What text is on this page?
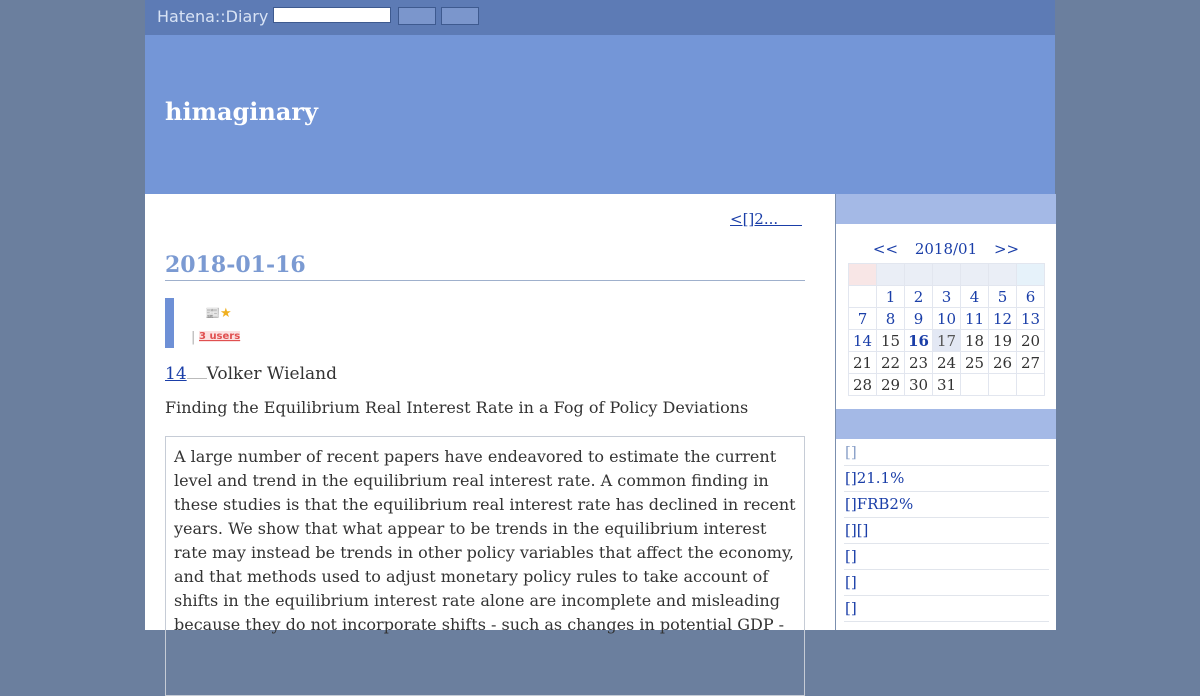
Hatena::Diary
himaginary
<[]2...
2018-01-16
📰★
| 3 users
14 Volker Wieland
Finding the Equilibrium Real Interest Rate in a Fog of Policy Deviations
A large number of recent papers have endeavored to estimate the current level and trend in the equilibrium real interest rate. A common finding in these studies is that the equilibrium real interest rate has declined in recent years. We show that what appear to be trends in the equilibrium interest rate may instead be trends in other policy variables that affect the economy, and that methods used to adjust monetary policy rules to take account of shifts in the equilibrium interest rate alone are incomplete and misleading because they do not incorporate shifts - such as changes in potential GDP -
<< 2018/01 >>

	1	2	3	4	5	6
7	8	9	10	11	12	13
14	15	16	17	18	19	20
21	22	23	24	25	26	27
28	29	30	31			
[]
[]21.1%
[]FRB2%
[][]
[]
[]
[]
